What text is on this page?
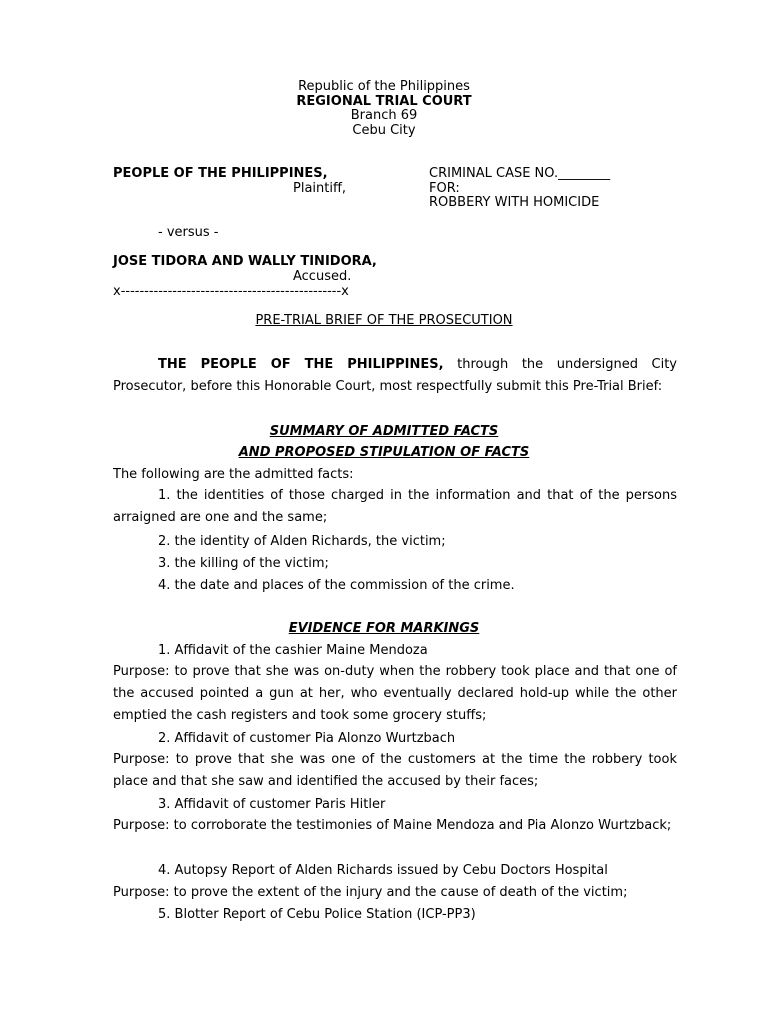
Republic of the Philippines
REGIONAL TRIAL COURT
Branch 69
Cebu City
PEOPLE OF THE PHILIPPINES,
Plaintiff,
CRIMINAL CASE NO.________
FOR:
ROBBERY WITH HOMICIDE
- versus -
JOSE TIDORA AND WALLY TINIDORA,
Accused.
x-----------------------------------------------x
PRE-TRIAL BRIEF OF THE PROSECUTION
THE PEOPLE OF THE PHILIPPINES, through the undersigned City Prosecutor, before this Honorable Court, most respectfully submit this Pre-Trial Brief:
SUMMARY OF ADMITTED FACTS
AND PROPOSED STIPULATION OF FACTS
The following are the admitted facts:
1. the identities of those charged in the information and that of the persons arraigned are one and the same;
2. the identity of Alden Richards, the victim;
3. the killing of the victim;
4. the date and places of the commission of the crime.
EVIDENCE FOR MARKINGS
1. Affidavit of the cashier Maine Mendoza
Purpose: to prove that she was on-duty when the robbery took place and that one of the accused pointed a gun at her, who eventually declared hold-up while the other emptied the cash registers and took some grocery stuffs;
2. Affidavit of customer Pia Alonzo Wurtzbach
Purpose: to prove that she was one of the customers at the time the robbery took place and that she saw and identified the accused by their faces;
3. Affidavit of customer Paris Hitler
Purpose: to corroborate the testimonies of Maine Mendoza and Pia Alonzo Wurtzback;
4. Autopsy Report of Alden Richards issued by Cebu Doctors Hospital
Purpose: to prove the extent of the injury and the cause of death of the victim;
5. Blotter Report of Cebu Police Station (ICP-PP3)
